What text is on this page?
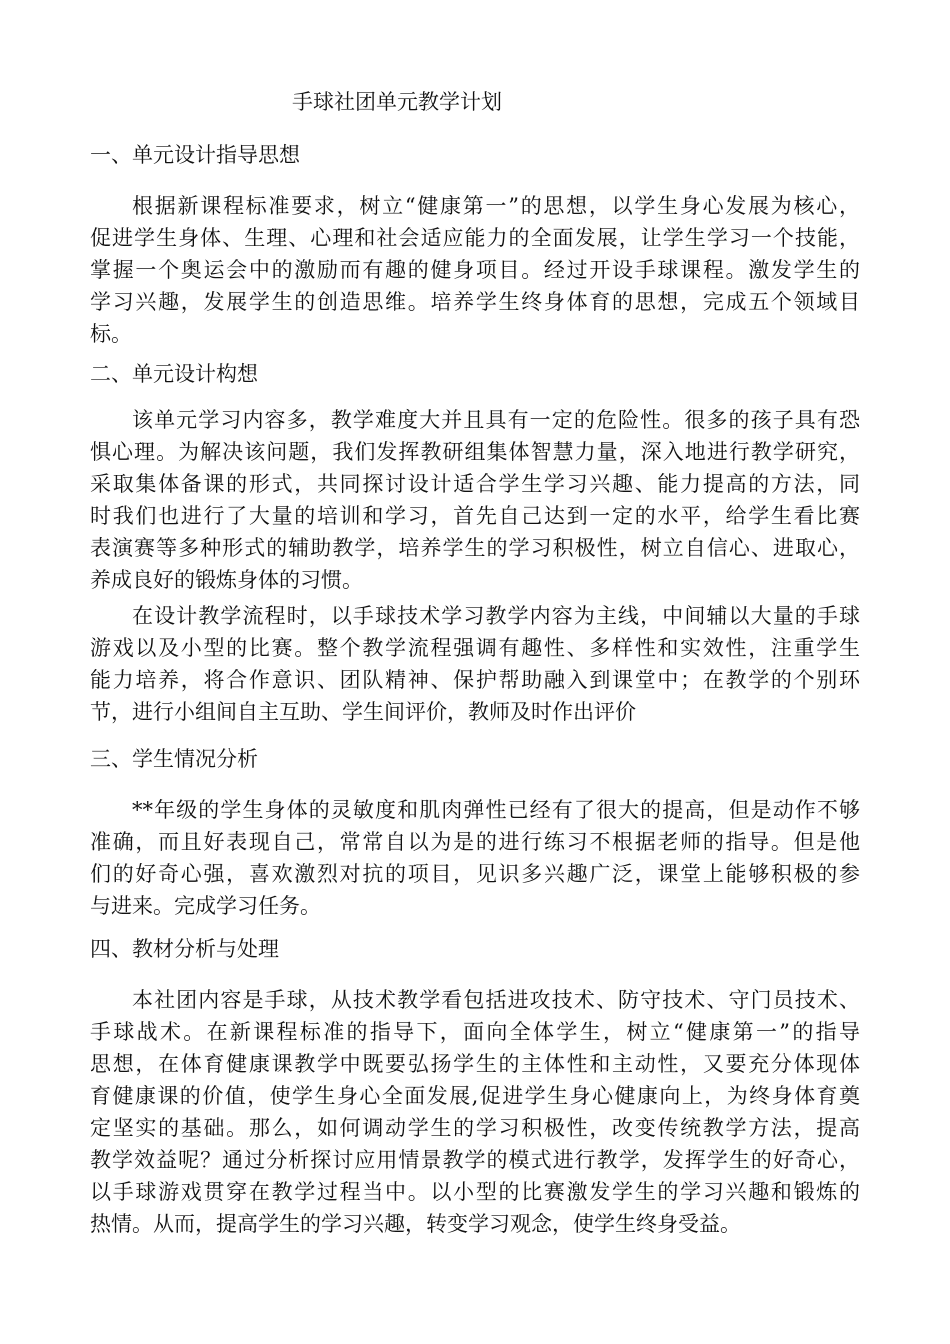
手球社团单元教学计划
一、单元设计指导思想

根据新课程标准要求，树立“健康第一”的思想，以学生身心发展为核心，
促进学生身体、生理、心理和社会适应能力的全面发展，让学生学习一个技能，
掌握一个奥运会中的激励而有趣的健身项目。经过开设手球课程。激发学生的
学习兴趣，发展学生的创造思维。培养学生终身体育的思想，完成五个领域目
标。

二、单元设计构想

该单元学习内容多，教学难度大并且具有一定的危险性。很多的孩子具有恐
惧心理。为解决该问题，我们发挥教研组集体智慧力量，深入地进行教学研究，
采取集体备课的形式，共同探讨设计适合学生学习兴趣、能力提高的方法，同
时我们也进行了大量的培训和学习，首先自己达到一定的水平，给学生看比赛
表演赛等多种形式的辅助教学，培养学生的学习积极性，树立自信心、进取心，
养成良好的锻炼身体的习惯。

在设计教学流程时，以手球技术学习教学内容为主线，中间辅以大量的手球
游戏以及小型的比赛。整个教学流程强调有趣性、多样性和实效性，注重学生
能力培养，将合作意识、团队精神、保护帮助融入到课堂中；在教学的个别环
节，进行小组间自主互助、学生间评价，教师及时作出评价

三、学生情况分析

**年级的学生身体的灵敏度和肌肉弹性已经有了很大的提高，但是动作不够
准确，而且好表现自己，常常自以为是的进行练习不根据老师的指导。但是他
们的好奇心强，喜欢激烈对抗的项目，见识多兴趣广泛，课堂上能够积极的参
与进来。完成学习任务。

四、教材分析与处理

本社团内容是手球，从技术教学看包括进攻技术、防守技术、守门员技术、
手球战术。在新课程标准的指导下，面向全体学生，树立“健康第一”的指导
思想，在体育健康课教学中既要弘扬学生的主体性和主动性，又要充分体现体
育健康课的价值，使学生身心全面发展,促进学生身心健康向上，为终身体育奠
定坚实的基础。那么，如何调动学生的学习积极性，改变传统教学方法，提高
教学效益呢？通过分析探讨应用情景教学的模式进行教学，发挥学生的好奇心，
以手球游戏贯穿在教学过程当中。以小型的比赛激发学生的学习兴趣和锻炼的
热情。从而，提高学生的学习兴趣，转变学习观念，使学生终身受益。
